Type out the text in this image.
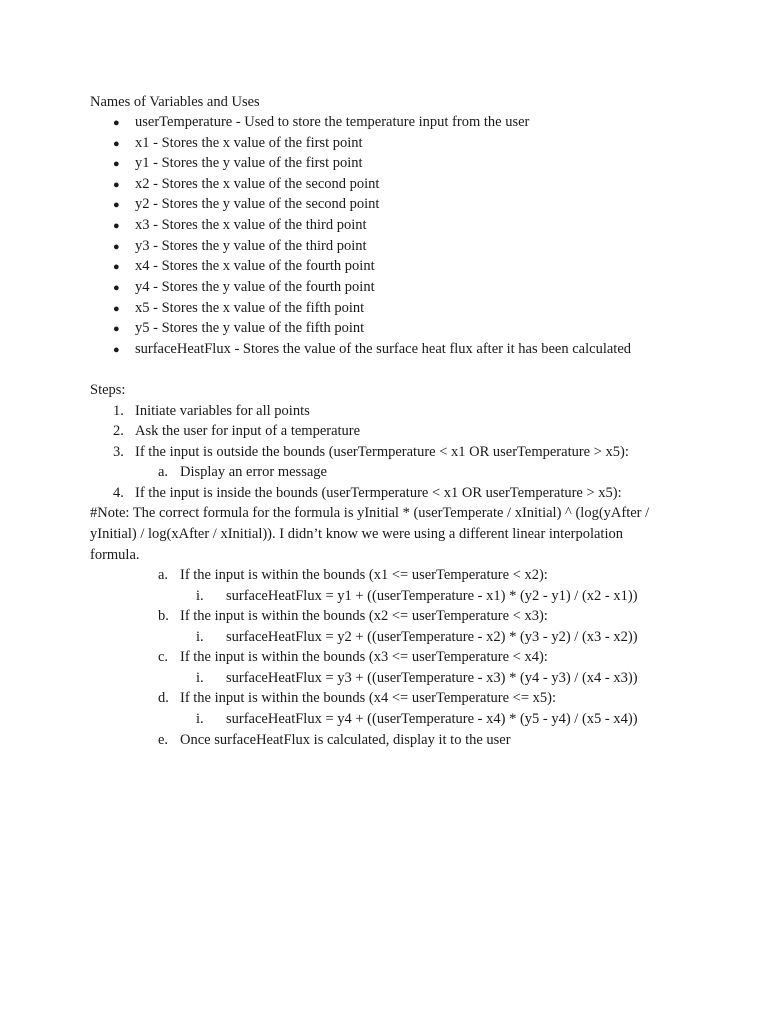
Names of Variables and Uses
● userTemperature - Used to store the temperature input from the user
● x1 - Stores the x value of the first point
● y1 - Stores the y value of the first point
● x2 - Stores the x value of the second point
● y2 - Stores the y value of the second point
● x3 - Stores the x value of the third point
● y3 - Stores the y value of the third point
● x4 - Stores the x value of the fourth point
● y4 - Stores the y value of the fourth point
● x5 - Stores the x value of the fifth point
● y5 - Stores the y value of the fifth point
● surfaceHeatFlux - Stores the value of the surface heat flux after it has been calculated
Steps:
1. Initiate variables for all points
2. Ask the user for input of a temperature
3. If the input is outside the bounds (userTermperature < x1 OR userTemperature > x5):
a. Display an error message
4. If the input is inside the bounds (userTermperature < x1 OR userTemperature > x5):
#Note: The correct formula for the formula is yInitial * (userTemperate / xInitial) ^ (log(yAfter /
yInitial) / log(xAfter / xInitial)). I didn’t know we were using a different linear interpolation
formula.
a. If the input is within the bounds (x1 <= userTemperature < x2):
i. surfaceHeatFlux = y1 + ((userTemperature - x1) * (y2 - y1) / (x2 - x1))
b. If the input is within the bounds (x2 <= userTemperature < x3):
i. surfaceHeatFlux = y2 + ((userTemperature - x2) * (y3 - y2) / (x3 - x2))
c. If the input is within the bounds (x3 <= userTemperature < x4):
i. surfaceHeatFlux = y3 + ((userTemperature - x3) * (y4 - y3) / (x4 - x3))
d. If the input is within the bounds (x4 <= userTemperature <= x5):
i. surfaceHeatFlux = y4 + ((userTemperature - x4) * (y5 - y4) / (x5 - x4))
e. Once surfaceHeatFlux is calculated, display it to the user
